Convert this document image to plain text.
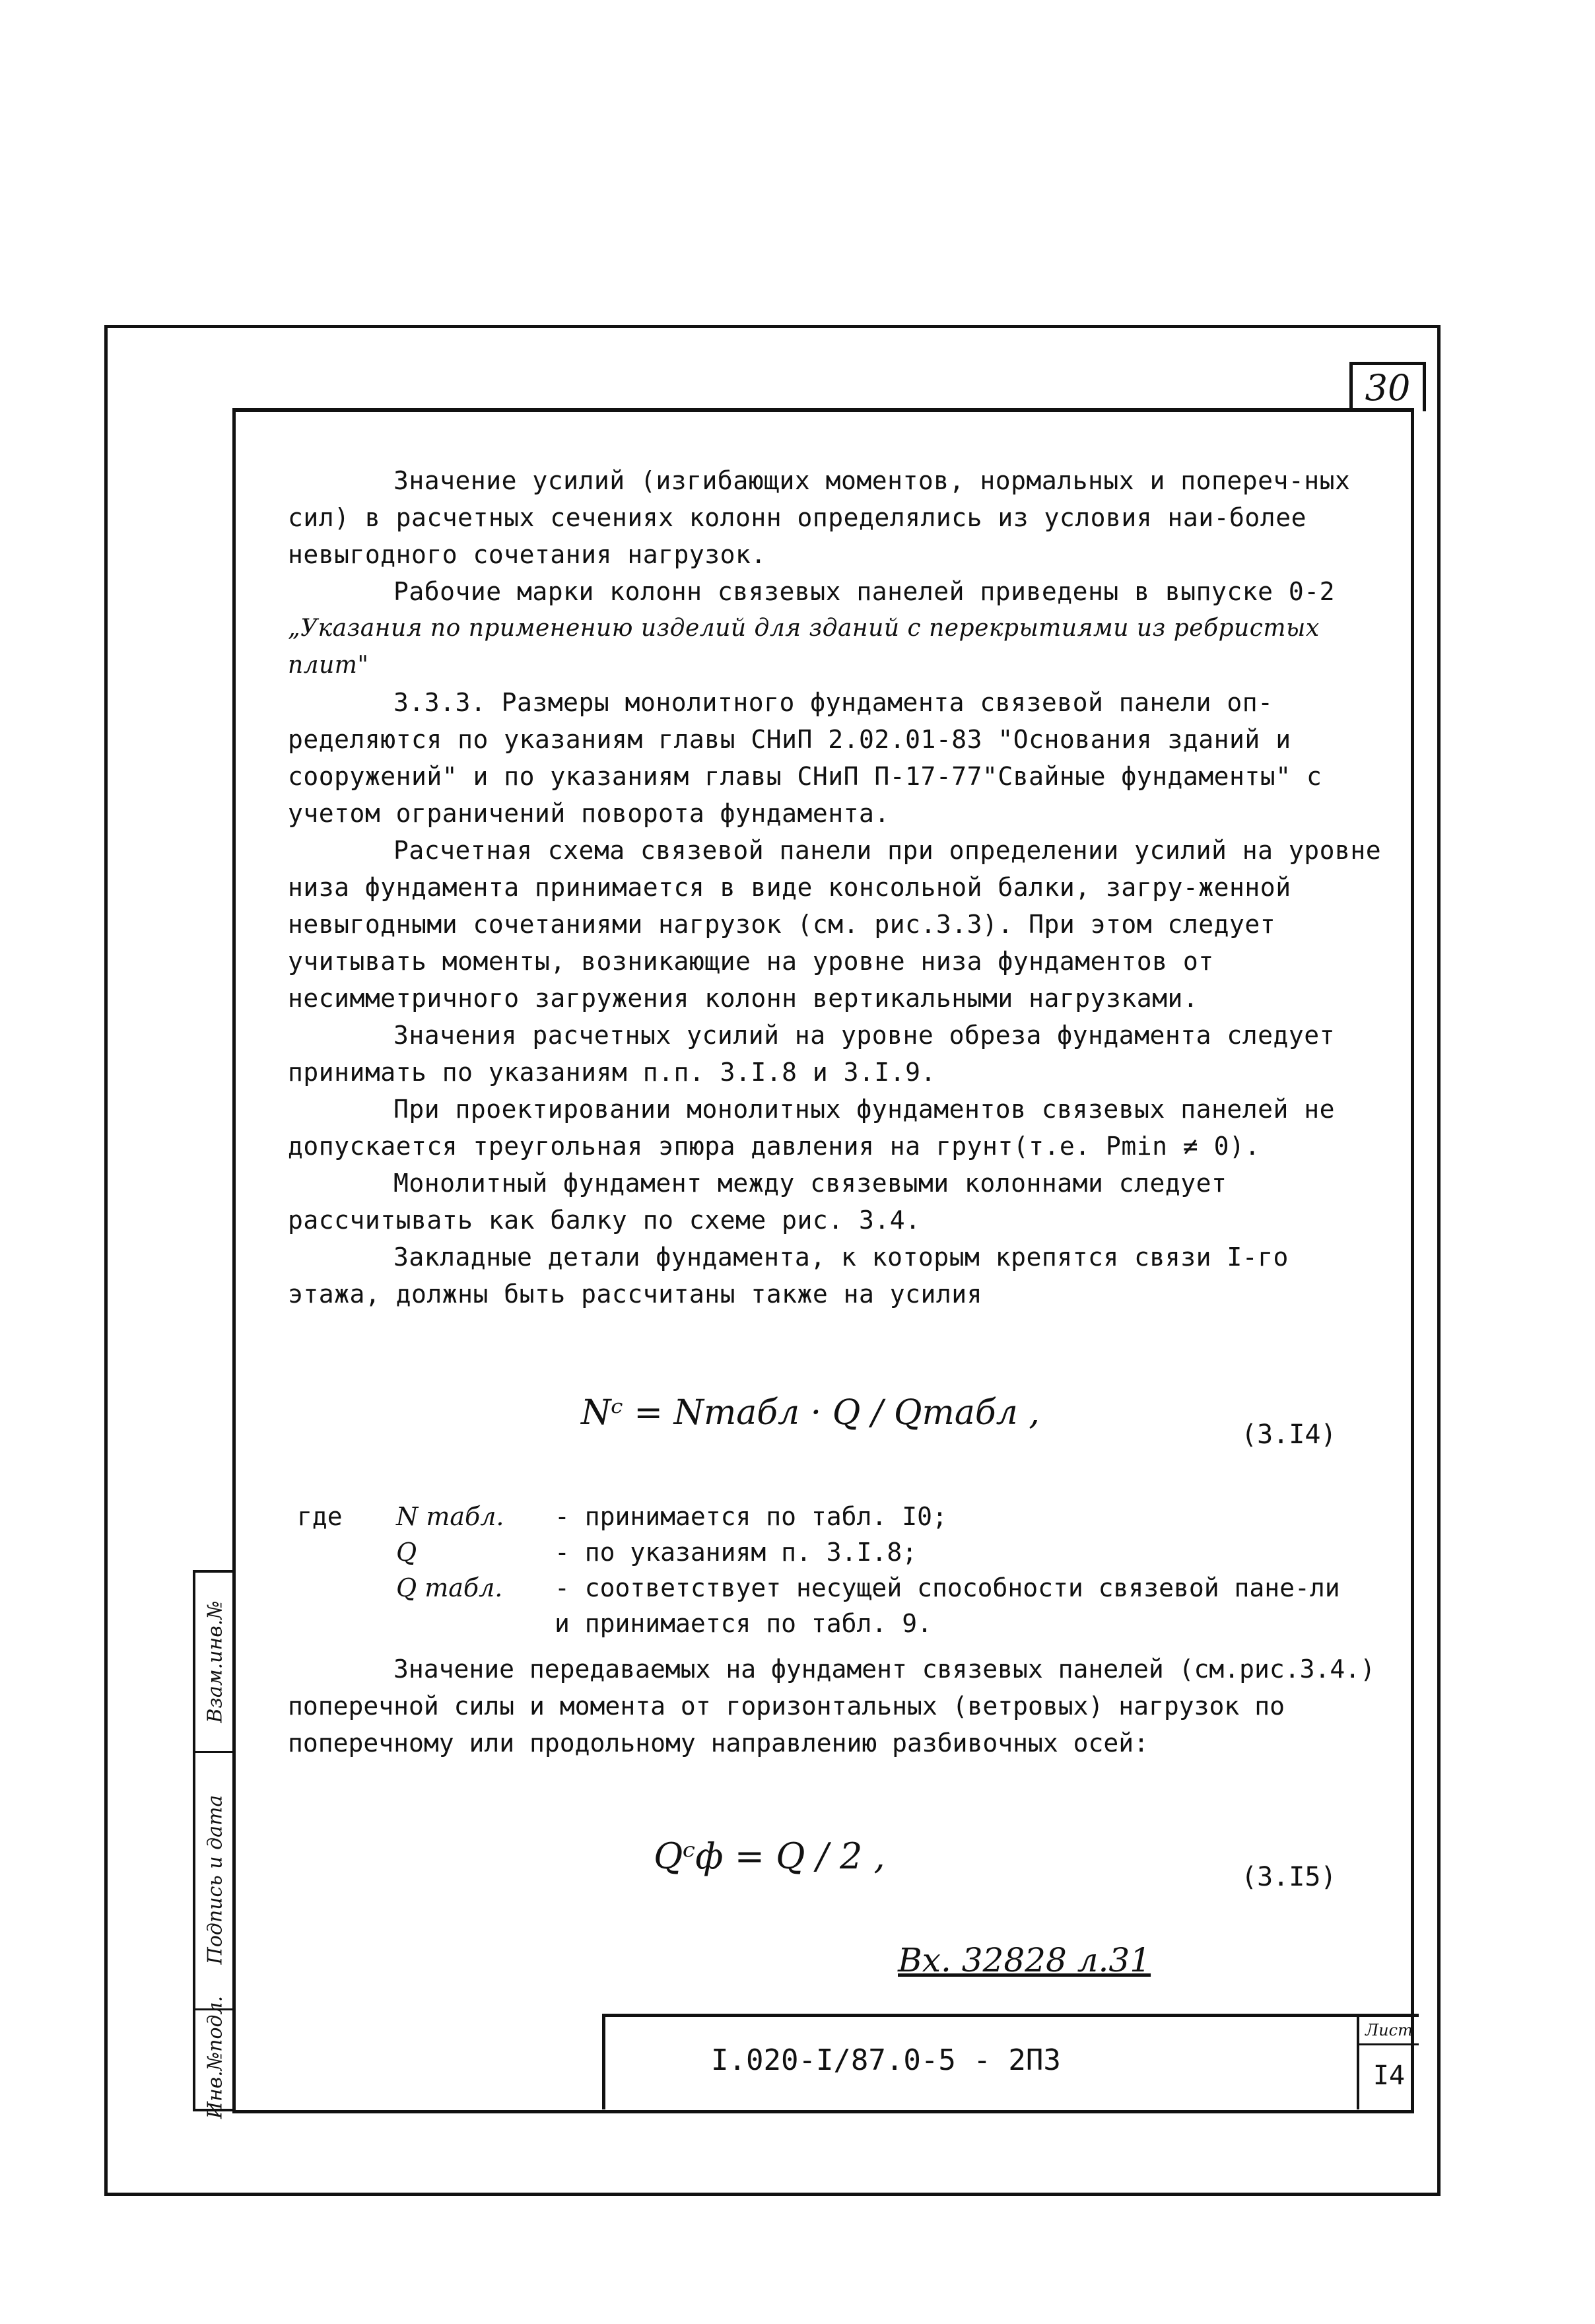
30

Значение усилий (изгибающих моментов, нормальных и попереч-ных сил) в расчетных сечениях колонн определялись из условия наи-более невыгодного сочетания нагрузок.

Рабочие марки колонн связевых панелей приведены в выпуске 0-2

„Указания по применению изделий для зданий с перекрытиями из ребристых плит"

3.3.3. Размеры монолитного фундамента связевой панели оп-ределяются по указаниям главы СНиП 2.02.01-83 "Основания зданий и сооружений" и по указаниям главы СНиП П-17-77"Свайные фундаменты" с учетом ограничений поворота фундамента.

Расчетная схема связевой панели при определении усилий на уровне низа фундамента принимается в виде консольной балки, загру-женной невыгодными сочетаниями нагрузок (см. рис.3.3). При этом следует учитывать моменты, возникающие на уровне низа фундаментов от несимметричного загружения колонн вертикальными нагрузками.

Значения расчетных усилий на уровне обреза фундамента следует принимать по указаниям п.п. 3.I.8 и 3.I.9.

При проектировании монолитных фундаментов связевых панелей не допускается треугольная эпюра давления на грунт(т.е. Pmin ≠ 0).

Монолитный фундамент между связевыми колоннами следует рассчитывать как балку по схеме рис. 3.4.

Закладные детали фундамента, к которым крепятся связи I-го этажа, должны быть рассчитаны также на усилия

Nᶜ = Nтабл · Q / Qтабл ,
(3.I4)
где	N табл.	- принимается по табл. I0;
Q	- по указаниям п. 3.I.8;
Q табл.	- соответствует несущей способности связевой пане-ли и принимается по табл. 9.
Значение передаваемых на фундамент связевых панелей (см.рис.3.4.) поперечной силы и момента от горизонтальных (ветровых) нагрузок по поперечному или продольному направлению разбивочных осей:
Qᶜф = Q / 2 ,	(3.I5)
Вх. 32828 л.31
Взам.инв.№
Подпись и дата
Инв.№подл.	I.020-I/87.0-5 - 2ПЗ
Лист
I4
